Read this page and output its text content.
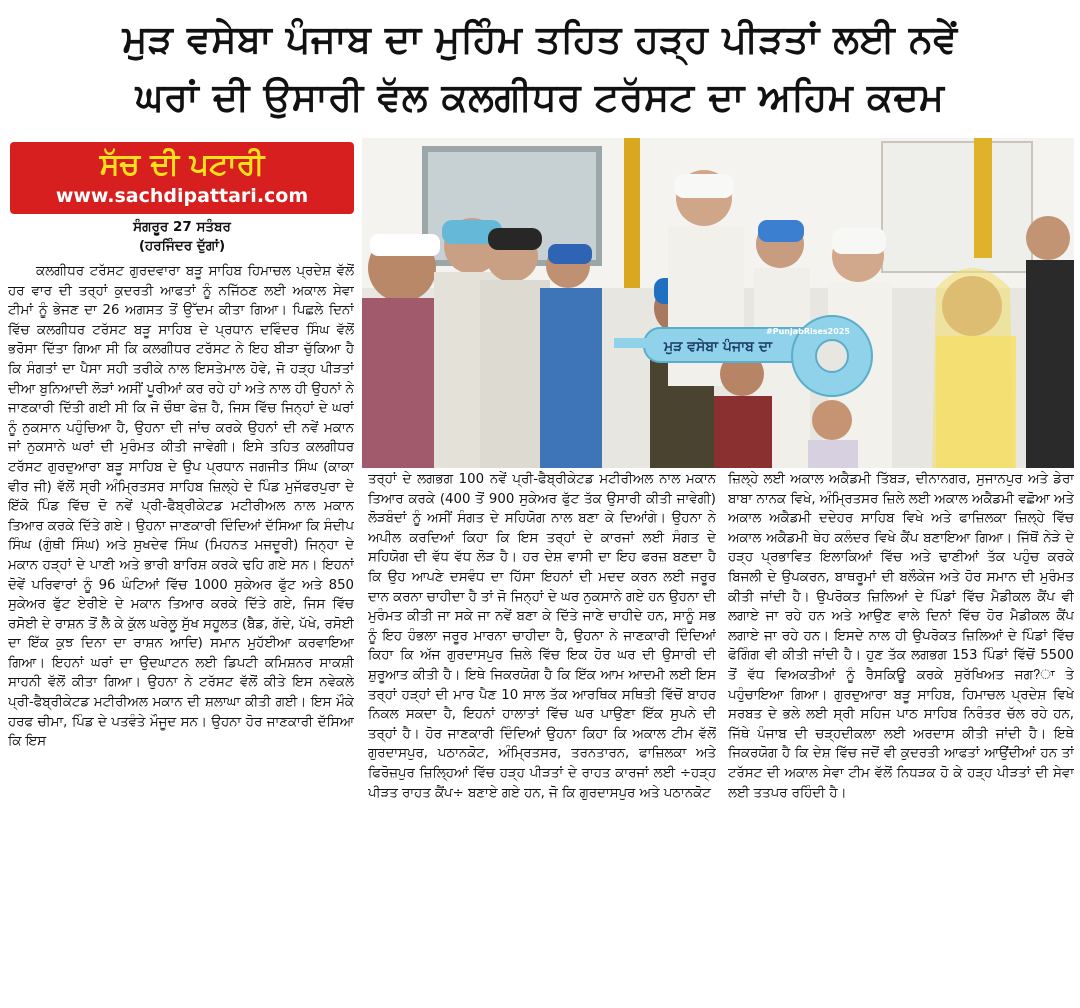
ਮੁੜ ਵਸੇਬਾ ਪੰਜਾਬ ਦਾ ਮੁਹਿੰਮ ਤਹਿਤ ਹੜ੍ਹ ਪੀੜਤਾਂ ਲਈ ਨਵੇਂ
ਘਰਾਂ ਦੀ ਉਸਾਰੀ ਵੱਲ ਕਲਗੀਧਰ ਟਰੱਸਟ ਦਾ ਅਹਿਮ ਕਦਮ
ਸੱਚ ਦੀ ਪਟਾਰੀ
www.sachdipattari.com
ਸੰਗਰੂਰ 27 ਸਤੰਬਰ
(ਹਰਜਿੰਦਰ ਦੁੱਗਾਂ)

ਕਲਗੀਧਰ ਟਰੱਸਟ ਗੁਰਦਵਾਰਾ ਬੜੂ ਸਾਹਿਬ ਹਿਮਾਚਲ ਪ੍ਰਦੇਸ਼ ਵੱਲੋਂ ਹਰ ਵਾਰ ਦੀ ਤਰ੍ਹਾਂ ਕੁਦਰਤੀ ਆਫਤਾਂ ਨੂੰ ਨਜਿੱਠਣ ਲਈ ਅਕਾਲ ਸੇਵਾ ਟੀਮਾਂ ਨੂੰ ਭੇਜਣ ਦਾ 26 ਅਗਸਤ ਤੋਂ ਉੱਦਮ ਕੀਤਾ ਗਿਆ। ਪਿਛਲੇ ਦਿਨਾਂ ਵਿੱਚ ਕਲਗੀਧਰ ਟਰੱਸਟ ਬੜੂ ਸਾਹਿਬ ਦੇ ਪ੍ਰਧਾਨ ਦਵਿੰਦਰ ਸਿੰਘ ਵੱਲੋਂ ਭਰੋਸਾ ਦਿੱਤਾ ਗਿਆ ਸੀ ਕਿ ਕਲਗੀਧਰ ਟਰੱਸਟ ਨੇ ਇਹ ਬੀੜਾ ਚੁੱਕਿਆ ਹੈ ਕਿ ਸੰਗਤਾਂ ਦਾ ਪੈਸਾ ਸਹੀ ਤਰੀਕੇ ਨਾਲ ਇਸਤੇਮਾਲ ਹੋਵੇ, ਜੋ ਹੜ੍ਹ ਪੀੜਤਾਂ ਦੀਆ ਬੁਨਿਆਦੀ ਲੋੜਾਂ ਅਸੀਂ ਪੂਰੀਆਂ ਕਰ ਰਹੇ ਹਾਂ ਅਤੇ ਨਾਲ ਹੀ ਉਹਨਾਂ ਨੇ ਜਾਣਕਾਰੀ ਦਿੱਤੀ ਗਈ ਸੀ ਕਿ ਜੋ ਚੌਥਾ ਫੇਜ਼ ਹੈ, ਜਿਸ ਵਿੱਚ ਜਿਨ੍ਹਾਂ ਦੇ ਘਰਾਂ ਨੂੰ ਨੁਕਸਾਨ ਪਹੁੰਚਿਆ ਹੈ, ਉਹਨਾ ਦੀ ਜਾਂਚ ਕਰਕੇ ਉਹਨਾਂ ਦੀ ਨਵੇਂ ਮਕਾਨ ਜਾਂ ਨੁਕਸਾਨੇ ਘਰਾਂ ਦੀ ਮੁਰੰਮਤ ਕੀਤੀ ਜਾਵੇਗੀ। ਇਸੇ ਤਹਿਤ ਕਲਗੀਧਰ ਟਰੱਸਟ ਗੁਰਦੁਆਰਾ ਬੜੂ ਸਾਹਿਬ ਦੇ ਉਪ ਪ੍ਰਧਾਨ ਜਗਜੀਤ ਸਿੰਘ (ਕਾਕਾ ਵੀਰ ਜੀ) ਵੱਲੋਂ ਸ੍ਰੀ ਅੰਮ੍ਰਿਤਸਰ ਸਾਹਿਬ ਜ਼ਿਲ੍ਹੇ ਦੇ ਪਿੰਡ ਮੁਜੱਫਰਪੁਰਾ ਦੇ ਇੱਕੋ ਪਿੰਡ ਵਿੱਚ ਦੋ ਨਵੇਂ ਪ੍ਰੀ-ਫੈਬ੍ਰੀਕੇਟਡ ਮਟੀਰੀਅਲ ਨਾਲ ਮਕਾਨ ਤਿਆਰ ਕਰਕੇ ਦਿੱਤੇ ਗਏ। ਉਹਨਾ ਜਾਣਕਾਰੀ ਦਿੰਦਿਆਂ ਦੱਸਿਆ ਕਿ ਸੰਦੀਪ ਸਿੰਘ (ਗੁੰਥੀ ਸਿੰਘ) ਅਤੇ ਸੁਖਦੇਵ ਸਿੰਘ (ਮਿਹਨਤ ਮਜਦੂਰੀ) ਜਿਨ੍ਹਾ ਦੇ ਮਕਾਨ ਹੜ੍ਹਾਂ ਦੇ ਪਾਣੀ ਅਤੇ ਭਾਰੀ ਬਾਰਿਸ਼ ਕਰਕੇ ਢਹਿ ਗਏ ਸਨ। ਇਹਨਾਂ ਦੋਵੇਂ ਪਰਿਵਾਰਾਂ ਨੂੰ 96 ਘੰਟਿਆਂ ਵਿੱਚ 1000 ਸੁਕੇਅਰ ਫੁੱਟ ਅਤੇ 850 ਸੁਕੇਅਰ ਫੁੱਟ ਏਰੀਏ ਦੇ ਮਕਾਨ ਤਿਆਰ ਕਰਕੇ ਦਿੱਤੇ ਗਏ, ਜਿਸ ਵਿੱਚ ਰਸੋਈ ਦੇ ਰਾਸ਼ਨ ਤੋਂ ਲੈ ਕੇ ਕੁੱਲ ਘਰੇਲੂ ਸੁੱਖ ਸਹੂਲਤ (ਬੈਡ, ਗੱਦੇ, ਪੱਖੇ, ਰਸੋਈ ਦਾ ਇੱਕ ਕੁਝ ਦਿਨਾ ਦਾ ਰਾਸ਼ਨ ਆਦਿ) ਸਮਾਨ ਮੁਹੱਈਆ ਕਰਵਾਇਆ ਗਿਆ। ਇਹਨਾਂ ਘਰਾਂ ਦਾ ਉਦਘਾਟਨ ਲਈ ਡਿਪਟੀ ਕਮਿਸ਼ਨਰ ਸਾਕਸ਼ੀ ਸਾਹਨੀ ਵੱਲੋਂ ਕੀਤਾ ਗਿਆ। ਉਹਨਾ ਨੇ ਟਰੱਸਟ ਵੱਲੋਂ ਕੀਤੇ ਇਸ ਨਵੇਕਲੇ ਪ੍ਰੀ-ਫੈਬ੍ਰੀਕੇਟਡ ਮਟੀਰੀਅਲ ਮਕਾਨ ਦੀ ਸ਼ਲਾਘਾ ਕੀਤੀ ਗਈ। ਇਸ ਮੌਕੇ ਹਰਫ ਚੀਮਾ, ਪਿੰਡ ਦੇ ਪਤਵੰਤੇ ਮੌਜੂਦ ਸਨ। ਉਹਨਾ ਹੋਰ ਜਾਣਕਾਰੀ ਦੱਸਿਆ ਕਿ ਇਸ

ਮੁੜ ਵਸੇਬਾ ਪੰਜਾਬ ਦਾ
#PunjabRises2025

ਤਰ੍ਹਾਂ ਦੇ ਲਗਭਗ 100 ਨਵੇਂ ਪ੍ਰੀ-ਫੈਬ੍ਰੀਕੇਟਡ ਮਟੀਰੀਅਲ ਨਾਲ ਮਕਾਨ ਤਿਆਰ ਕਰਕੇ (400 ਤੋਂ 900 ਸੁਕੇਅਰ ਫੁੱਟ ਤੱਕ ਉਸਾਰੀ ਕੀਤੀ ਜਾਵੇਗੀ) ਲੋੜਬੰਦਾਂ ਨੂੰ ਅਸੀਂ ਸੰਗਤ ਦੇ ਸਹਿਯੋਗ ਨਾਲ ਬਣਾ ਕੇ ਦਿਆਂਗੇ। ਉਹਨਾ ਨੇ ਅਪੀਲ ਕਰਦਿਆਂ ਕਿਹਾ ਕਿ ਇਸ ਤਰ੍ਹਾਂ ਦੇ ਕਾਰਜਾਂ ਲਈ ਸੰਗਤ ਦੇ ਸਹਿਯੋਗ ਦੀ ਵੱਧ ਵੱਧ ਲੋੜ ਹੈ। ਹਰ ਦੇਸ਼ ਵਾਸੀ ਦਾ ਇਹ ਫਰਜ਼ ਬਣਦਾ ਹੈ ਕਿ ਉਹ ਆਪਣੇ ਦਸਵੰਧ ਦਾ ਹਿੱਸਾ ਇਹਨਾਂ ਦੀ ਮਦਦ ਕਰਨ ਲਈ ਜਰੂਰ ਦਾਨ ਕਰਨਾ ਚਾਹੀਦਾ ਹੈ ਤਾਂ ਜੋ ਜਿਨ੍ਹਾਂ ਦੇ ਘਰ ਨੁਕਸਾਨੇ ਗਏ ਹਨ ਉਹਨਾ ਦੀ ਮੁਰੰਮਤ ਕੀਤੀ ਜਾ ਸਕੇ ਜਾ ਨਵੇਂ ਬਣਾ ਕੇ ਦਿੱਤੇ ਜਾਣੇ ਚਾਹੀਦੇ ਹਨ, ਸਾਨੂੰ ਸਭ ਨੂੰ ਇਹ ਹੰਭਲਾ ਜਰੂਰ ਮਾਰਨਾ ਚਾਹੀਦਾ ਹੈ, ਉਹਨਾ ਨੇ ਜਾਣਕਾਰੀ ਦਿੰਦਿਆਂ ਕਿਹਾ ਕਿ ਅੱਜ ਗੁਰਦਾਸਪੁਰ ਜ਼ਿਲੇ ਵਿੱਚ ਇਕ ਹੋਰ ਘਰ ਦੀ ਉਸਾਰੀ ਦੀ ਸ਼ੁਰੂਆਤ ਕੀਤੀ ਹੈ। ਇਥੇ ਜਿਕਰਯੋਗ ਹੈ ਕਿ ਇੱਕ ਆਮ ਆਦਮੀ ਲਈ ਇਸ ਤਰ੍ਹਾਂ ਹੜ੍ਹਾਂ ਦੀ ਮਾਰ ਪੈਣ 10 ਸਾਲ ਤੱਕ ਆਰਥਿਕ ਸਥਿਤੀ ਵਿੱਚੋਂ ਬਾਹਰ ਨਿਕਲ ਸਕਦਾ ਹੈ, ਇਹਨਾਂ ਹਾਲਾਤਾਂ ਵਿੱਚ ਘਰ ਪਾਉਣਾ ਇੱਕ ਸੁਪਨੇ ਦੀ ਤਰ੍ਹਾਂ ਹੈ। ਹੋਰ ਜਾਣਕਾਰੀ ਦਿੰਦਿਆਂ ਉਹਨਾ ਕਿਹਾ ਕਿ ਅਕਾਲ ਟੀਮ ਵੱਲੋਂ ਗੁਰਦਾਸਪੁਰ, ਪਠਾਨਕੋਟ, ਅੰਮ੍ਰਿਤਸਰ, ਤਰਨਤਾਰਨ, ਫਾਜ਼ਿਲਕਾ ਅਤੇ ਫਿਰੋਜ਼ਪੁਰ ਜ਼ਿਲ੍ਹਿਆਂ ਵਿੱਚ ਹੜ੍ਹ ਪੀੜਤਾਂ ਦੇ ਰਾਹਤ ਕਾਰਜਾਂ ਲਈ ÷ਹੜ੍ਹ ਪੀੜਤ ਰਾਹਤ ਕੈਂਪ÷ ਬਣਾਏ ਗਏ ਹਨ, ਜੋ ਕਿ ਗੁਰਦਾਸਪੁਰ ਅਤੇ ਪਠਾਨਕੋਟ

ਜ਼ਿਲ੍ਹੇ ਲਈ ਅਕਾਲ ਅਕੈਡਮੀ ਤਿੱਬੜ, ਦੀਨਾਨਗਰ, ਸੁਜਾਨਪੁਰ ਅਤੇ ਡੇਰਾ ਬਾਬਾ ਨਾਨਕ ਵਿਖੇ, ਅੰਮ੍ਰਿਤਸਰ ਜ਼ਿਲੇ ਲਈ ਅਕਾਲ ਅਕੈਡਮੀ ਵਛੋਆ ਅਤੇ ਅਕਾਲ ਅਕੈਡਮੀ ਦਦੇਹਰ ਸਾਹਿਬ ਵਿਖੇ ਅਤੇ ਫਾਜ਼ਿਲਕਾ ਜ਼ਿਲ੍ਹੇ ਵਿੱਚ ਅਕਾਲ ਅਕੈਡਮੀ ਥੇਹ ਕਲੰਦਰ ਵਿਖੇ ਕੈਂਪ ਬਣਾਇਆ ਗਿਆ। ਜਿੱਥੋਂ ਨੇੜੇ ਦੇ ਹੜ੍ਹ ਪ੍ਰਭਾਵਿਤ ਇਲਾਕਿਆਂ ਵਿੱਚ ਅਤੇ ਢਾਣੀਆਂ ਤੱਕ ਪਹੁੰਚ ਕਰਕੇ ਬਿਜਲੀ ਦੇ ਉਪਕਰਨ, ਬਾਥਰੂਮਾਂ ਦੀ ਬਲੌਕੇਜ ਅਤੇ ਹੋਰ ਸਮਾਨ ਦੀ ਮੁਰੰਮਤ ਕੀਤੀ ਜਾਂਦੀ ਹੈ। ਉਪਰੋਕਤ ਜ਼ਿਲਿਆਂ ਦੇ ਪਿੰਡਾਂ ਵਿੱਚ ਮੈਡੀਕਲ ਕੈਂਪ ਵੀ ਲਗਾਏ ਜਾ ਰਹੇ ਹਨ ਅਤੇ ਆਉਣ ਵਾਲੇ ਦਿਨਾਂ ਵਿੱਚ ਹੋਰ ਮੈਡੀਕਲ ਕੈਂਪ ਲਗਾਏ ਜਾ ਰਹੇ ਹਨ। ਇਸਦੇ ਨਾਲ ਹੀ ਉਪਰੋਕਤ ਜ਼ਿਲਿਆਂ ਦੇ ਪਿੰਡਾਂ ਵਿੱਚ ਫੋਗਿੰਗ ਵੀ ਕੀਤੀ ਜਾਂਦੀ ਹੈ। ਹੁਣ ਤੱਕ ਲਗਭਗ 153 ਪਿੰਡਾਂ ਵਿੱਚੋਂ 5500 ਤੋਂ ਵੱਧ ਵਿਅਕਤੀਆਂ ਨੂੰ ਰੈਸਕਿਊ ਕਰਕੇ ਸੁਰੱਖਿਅਤ ਜਗ?ਾ ਤੇ ਪਹੁੰਚਾਇਆ ਗਿਆ। ਗੁਰਦੁਆਰਾ ਬੜੂ ਸਾਹਿਬ, ਹਿਮਾਚਲ ਪ੍ਰਦੇਸ਼ ਵਿਖੇ ਸਰਬਤ ਦੇ ਭਲੇ ਲਈ ਸ੍ਰੀ ਸਹਿਜ ਪਾਠ ਸਾਹਿਬ ਨਿਰੰਤਰ ਚੱਲ ਰਹੇ ਹਨ, ਜਿੱਥੇ ਪੰਜਾਬ ਦੀ ਚੜ੍ਹਦੀਕਲਾ ਲਈ ਅਰਦਾਸ ਕੀਤੀ ਜਾਂਦੀ ਹੈ। ਇਥੇ ਜਿਕਰਯੋਗ ਹੈ ਕਿ ਦੇਸ਼ ਵਿੱਚ ਜਦੋਂ ਵੀ ਕੁਦਰਤੀ ਆਫਤਾਂ ਆਉਂਦੀਆਂ ਹਨ ਤਾਂ ਟਰੱਸਟ ਦੀ ਅਕਾਲ ਸੇਵਾ ਟੀਮ ਵੱਲੋਂ ਨਿਧੜਕ ਹੋ ਕੇ ਹੜ੍ਹ ਪੀੜਤਾਂ ਦੀ ਸੇਵਾ ਲਈ ਤਤਪਰ ਰਹਿੰਦੀ ਹੈ।
